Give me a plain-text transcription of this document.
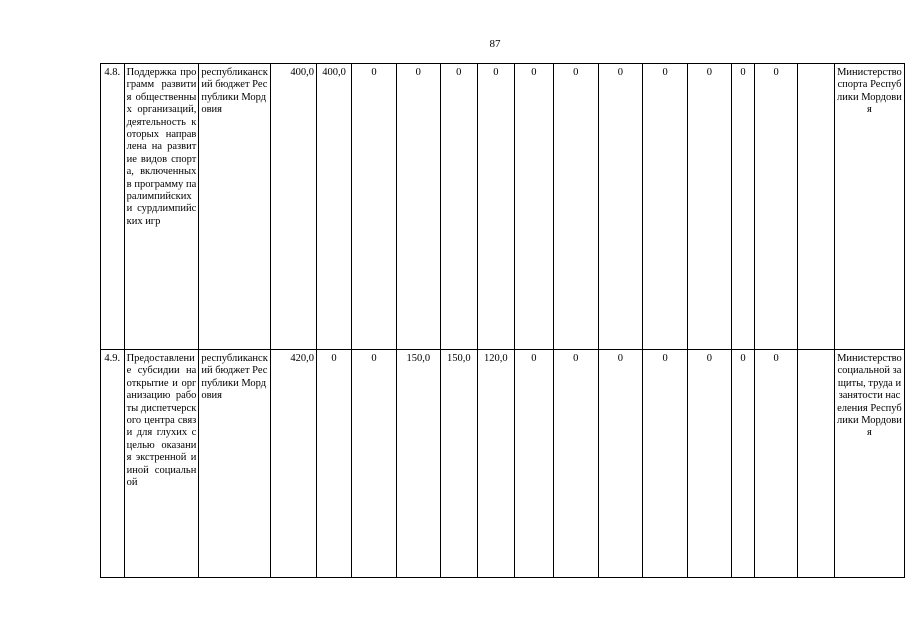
87
4.8.	Поддержка программ развития общественных организаций, деятельность которых направлена на развитие видов спорта, включенных в программу паралимпийских и сурдлимпийских игр	республиканский бюджет Республики Мордовия	400,0	400,0	0	0	0	0	0	0	0	0	0	0	0		Министерство спорта Республики Мордовия
4.9.	Предоставление субсидии на открытие и организацию работы диспетчерского центра связи для глухих с целью оказания экстренной и иной социальной	республиканский бюджет Республики Мордовия	420,0	0	0	150,0	150,0	120,0	0	0	0	0	0	0	0		Министерство социальной защиты, труда и занятости населения Республики Мордовия
